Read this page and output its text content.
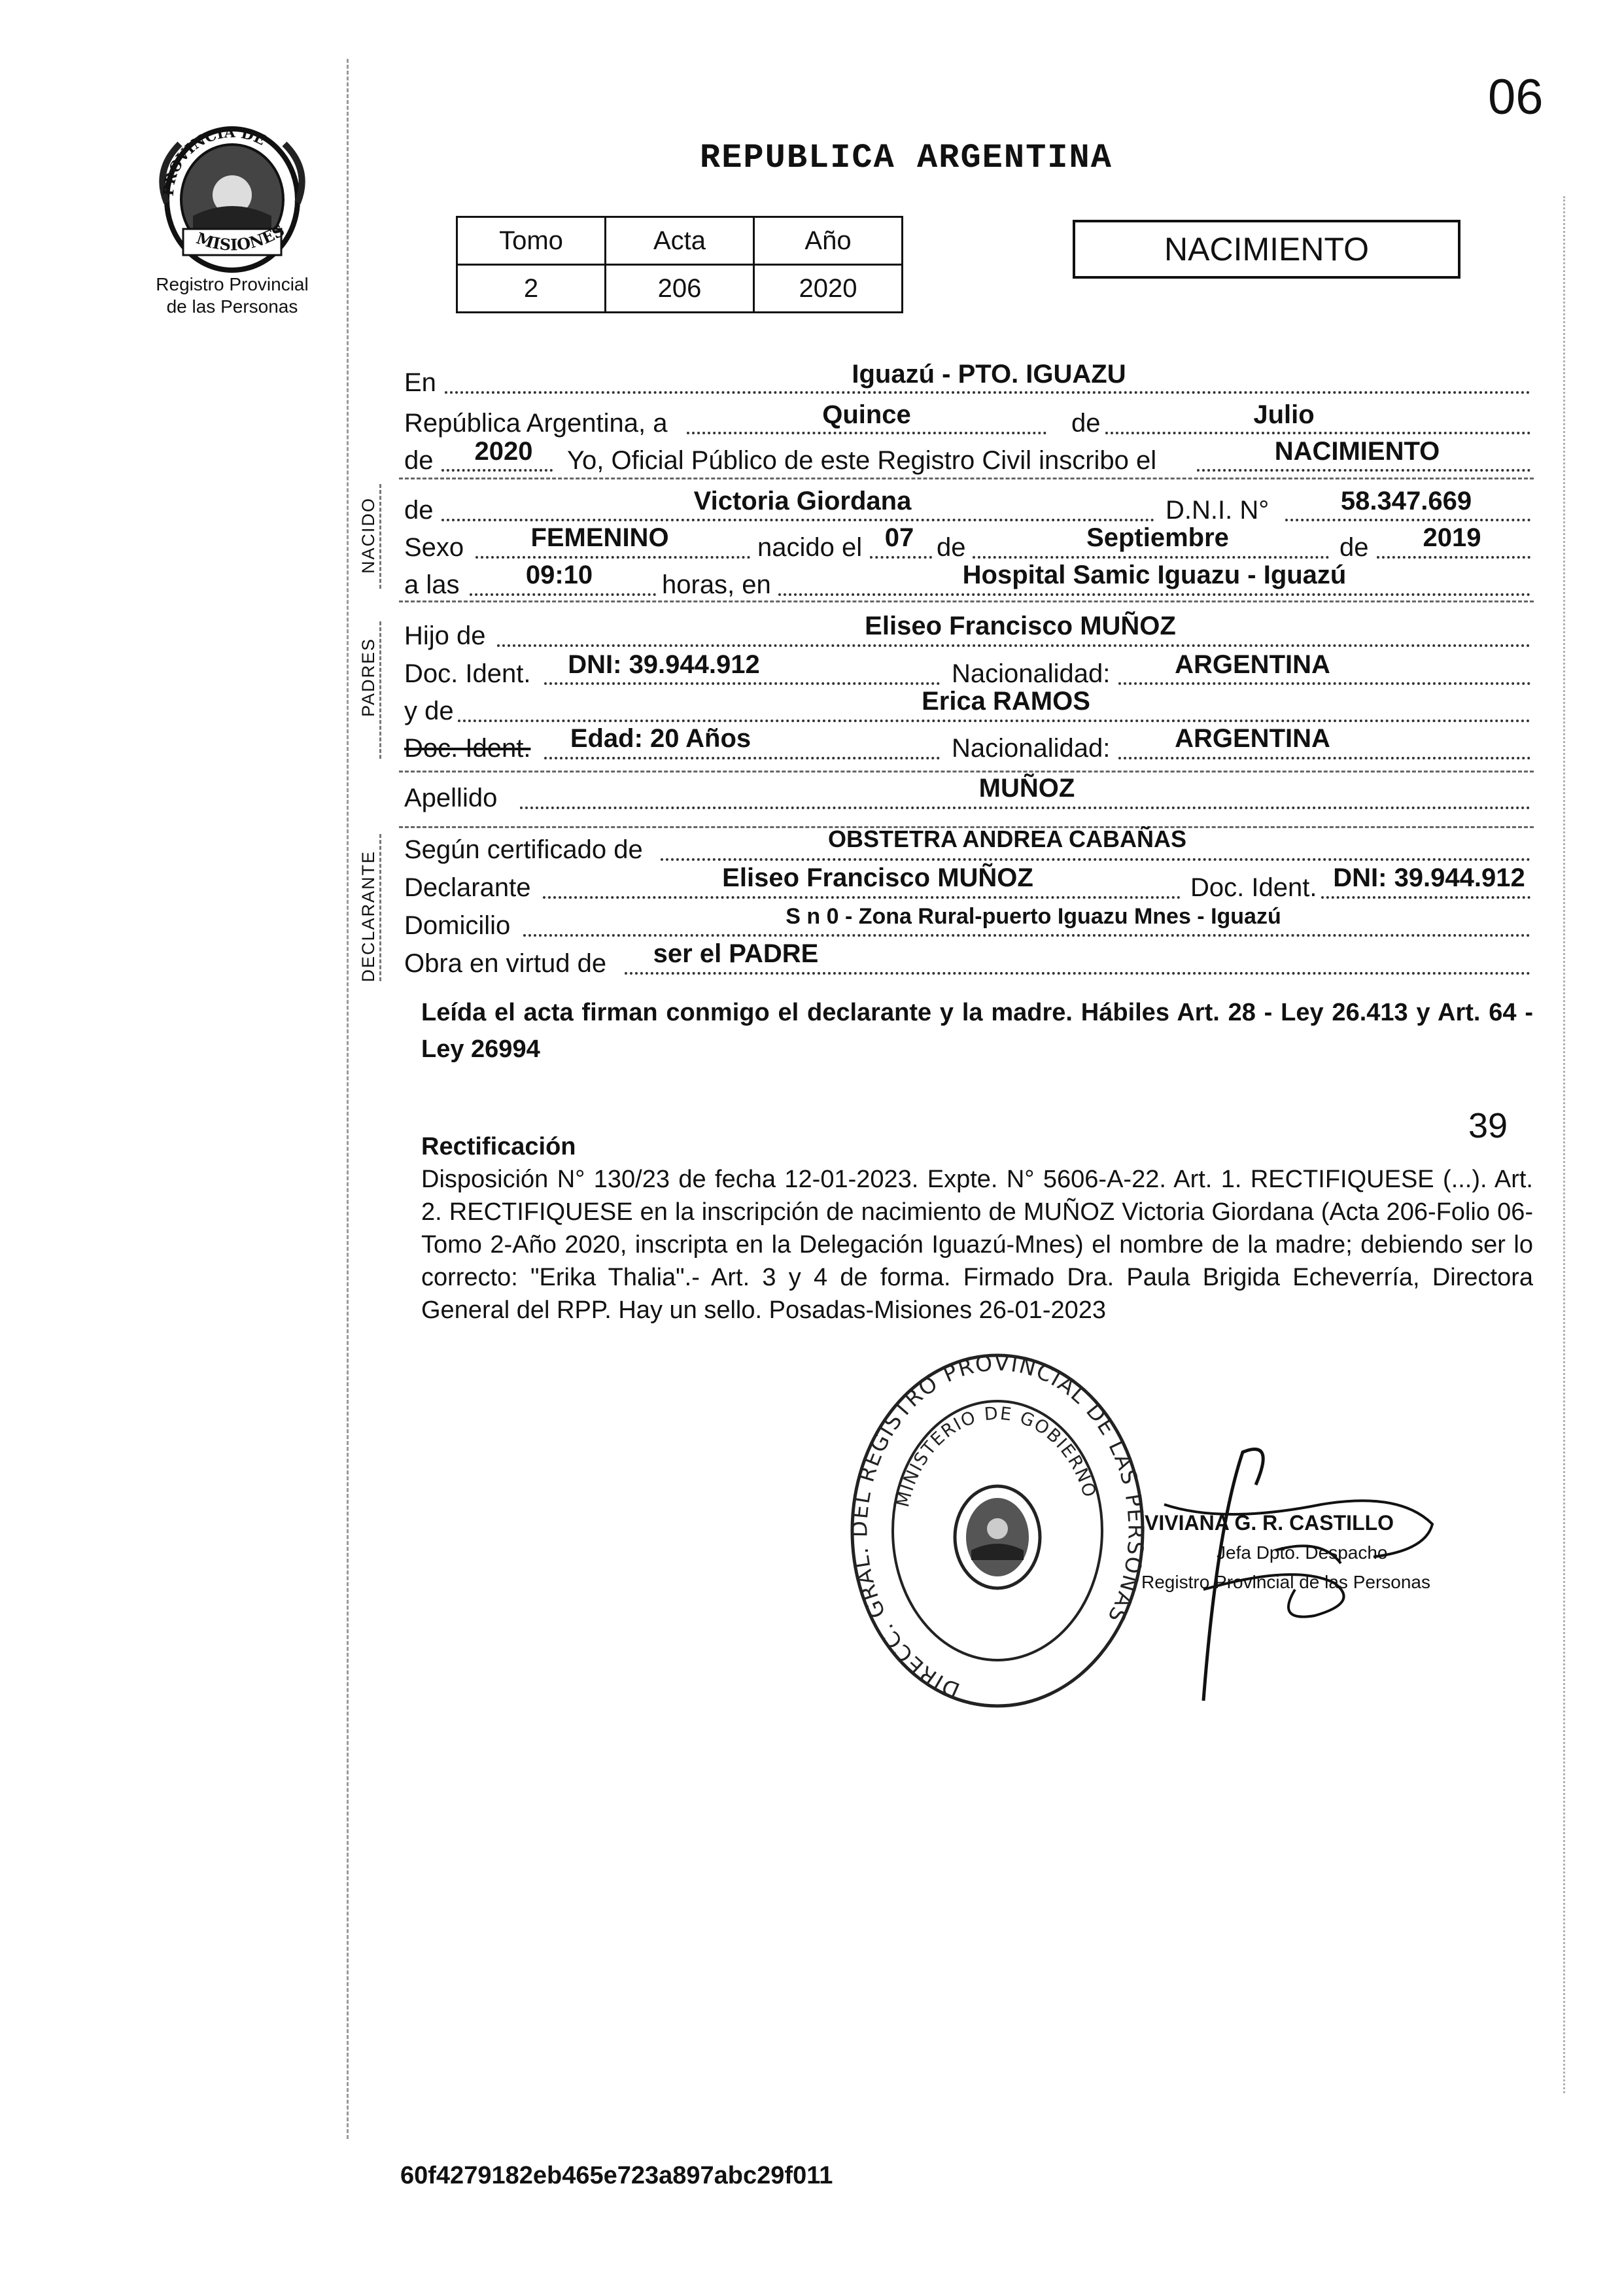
06
PROVINCIA DE
MISIONES
Registro Provincial
de las Personas
REPUBLICA ARGENTINA
Tomo	Acta	Año
2	206	2020
NACIMIENTO
NACIDO
PADRES
DECLARANTE
En	Iguazú - PTO. IGUAZU
República Argentina, a	Quince	de	Julio
de 2020 Yo, Oficial Público de este Registro Civil inscribo el	NACIMIENTO
de	Victoria Giordana	D.N.I. N°	58.347.669
Sexo	FEMENINO	nacido el 07 de	Septiembre	de 2019
a las	09:10	horas, en	Hospital Samic Iguazu - Iguazú
Hijo de	Eliseo Francisco MUÑOZ
Doc. Ident. DNI: 39.944.912	Nacionalidad: ARGENTINA
y de	Erica RAMOS
Doc. Ident. Edad: 20 Años	Nacionalidad: ARGENTINA
Apellido	MUÑOZ
Según certificado de	OBSTETRA ANDREA CABAÑAS
Declarante	Eliseo Francisco MUÑOZ	Doc. Ident. DNI: 39.944.912
Domicilio	S n 0 - Zona Rural-puerto Iguazu Mnes - Iguazú
Obra en virtud de ser el PADRE
Leída el acta firman conmigo el declarante y la madre. Hábiles Art. 28 - Ley 26.413 y Art. 64 - Ley 26994
39
Rectificación
Disposición N° 130/23 de fecha 12-01-2023. Expte. N° 5606-A-22. Art. 1. RECTIFIQUESE (...). Art. 2. RECTIFIQUESE en la inscripción de nacimiento de MUÑOZ Victoria Giordana (Acta 206-Folio 06-Tomo 2-Año 2020, inscripta en la Delegación Iguazú-Mnes) el nombre de la madre; debiendo ser lo correcto: "Erika Thalia".- Art. 3 y 4 de forma. Firmado Dra. Paula Brigida Echeverría, Directora General del RPP. Hay un sello. Posadas-Misiones 26-01-2023
DIRECC. GRAL. DEL REGISTRO PROVINCIAL DE LAS PERSONAS
MINISTERIO DE GOBIERNO
VIVIANA G. R. CASTILLO
Jefa Dpto. Despacho
Registro Provincial de las Personas
60f4279182eb465e723a897abc29f011
